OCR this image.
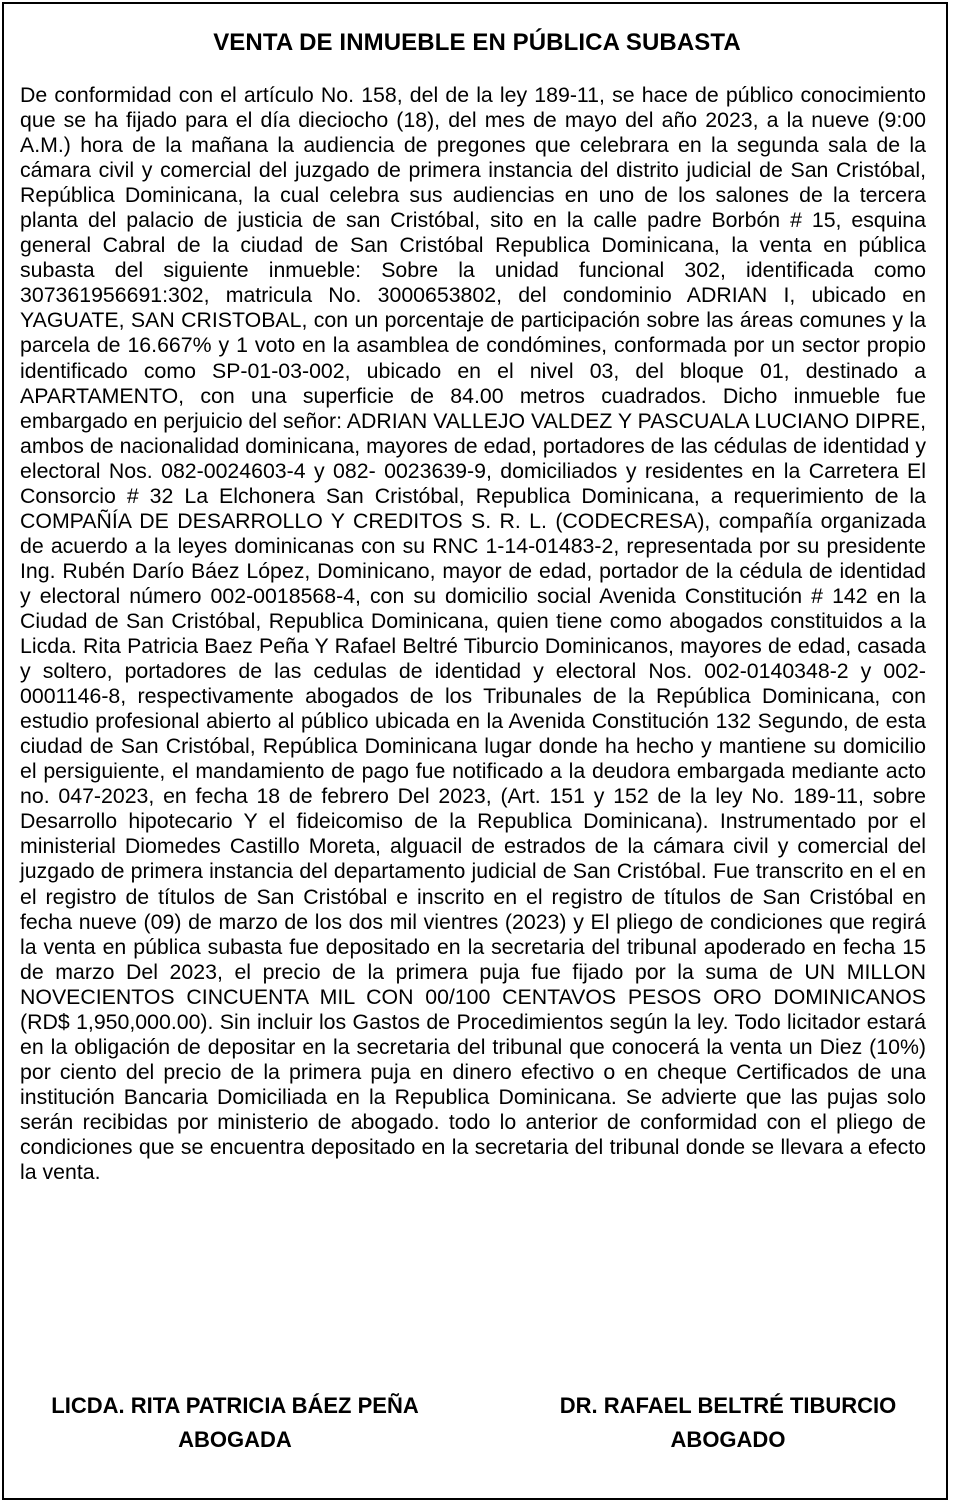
VENTA DE INMUEBLE EN PÚBLICA SUBASTA

De conformidad con el artículo No. 158, del de la ley 189-11, se hace de público conocimiento que se ha fijado para el día dieciocho (18), del mes de mayo del año 2023, a la nueve (9:00 A.M.) hora de la mañana la audiencia de pregones que celebrara en la segunda sala de la cámara civil y comercial del juzgado de primera instancia del distrito judicial de San Cristóbal, República Dominicana, la cual celebra sus audiencias en uno de los salones de la tercera planta del palacio de justicia de san Cristóbal, sito en la calle padre Borbón # 15, esquina general Cabral de la ciudad de San Cristóbal Republica Dominicana, la venta en pública subasta del siguiente inmueble: Sobre la unidad funcional 302, identificada como 307361956691:302, matricula No. 3000653802, del condominio ADRIAN I, ubicado en YAGUATE, SAN CRISTOBAL, con un porcentaje de participación sobre las áreas comunes y la parcela de 16.667% y 1 voto en la asamblea de condómines, conformada por un sector propio identificado como SP-01-03-002, ubicado en el nivel 03, del bloque 01, destinado a APARTAMENTO, con una superficie de 84.00 metros cuadrados. Dicho inmueble fue embargado en perjuicio del señor: ADRIAN VALLEJO VALDEZ Y PASCUALA LUCIANO DIPRE, ambos de nacionalidad dominicana, mayores de edad, portadores de las cédulas de identidad y electoral Nos. 082-0024603-4 y 082- 0023639-9, domiciliados y residentes en la Carretera El Consorcio # 32 La Elchonera San Cristóbal, Republica Dominicana, a requerimiento de la COMPAÑÍA DE DESARROLLO Y CREDITOS S. R. L. (CODECRESA), compañía organizada de acuerdo a la leyes dominicanas con su RNC 1-14-01483-2, representada por su presidente Ing. Rubén Darío Báez López, Dominicano, mayor de edad, portador de la cédula de identidad y electoral número 002-0018568-4, con su domicilio social Avenida Constitución # 142 en la Ciudad de San Cristóbal, Republica Dominicana, quien tiene como abogados constituidos a la Licda. Rita Patricia Baez Peña Y Rafael Beltré Tiburcio Dominicanos, mayores de edad, casada y soltero, portadores de las cedulas de identidad y electoral Nos. 002-0140348-2 y 002-0001146-8, respectivamente abogados de los Tribunales de la República Dominicana, con estudio profesional abierto al público ubicada en la Avenida Constitución 132 Segundo, de esta ciudad de San Cristóbal, República Dominicana lugar donde ha hecho y mantiene su domicilio el persiguiente, el mandamiento de pago fue notificado a la deudora embargada mediante acto no. 047-2023, en fecha 18 de febrero Del 2023, (Art. 151 y 152 de la ley No. 189-11, sobre Desarrollo hipotecario Y el fideicomiso de la Republica Dominicana). Instrumentado por el ministerial Diomedes Castillo Moreta, alguacil de estrados de la cámara civil y comercial del juzgado de primera instancia del departamento judicial de San Cristóbal. Fue transcrito en el en el registro de títulos de San Cristóbal e inscrito en el registro de títulos de San Cristóbal en fecha nueve (09) de marzo de los dos mil vientres (2023) y El pliego de condiciones que regirá la venta en pública subasta fue depositado en la secretaria del tribunal apoderado en fecha 15 de marzo Del 2023, el precio de la primera puja fue fijado por la suma de UN MILLON NOVECIENTOS CINCUENTA MIL CON 00/100 CENTAVOS PESOS ORO DOMINICANOS (RD$ 1,950,000.00). Sin incluir los Gastos de Procedimientos según la ley. Todo licitador estará en la obligación de depositar en la secretaria del tribunal que conocerá la venta un Diez (10%) por ciento del precio de la primera puja en dinero efectivo o en cheque Certificados de una institución Bancaria Domiciliada en la Republica Dominicana. Se advierte que las pujas solo serán recibidas por ministerio de abogado. todo lo anterior de conformidad con el pliego de condiciones que se encuentra depositado en la secretaria del tribunal donde se llevara a efecto la venta.

LICDA. RITA PATRICIA BÁEZ PEÑA
ABOGADA
DR. RAFAEL BELTRÉ TIBURCIO
ABOGADO
